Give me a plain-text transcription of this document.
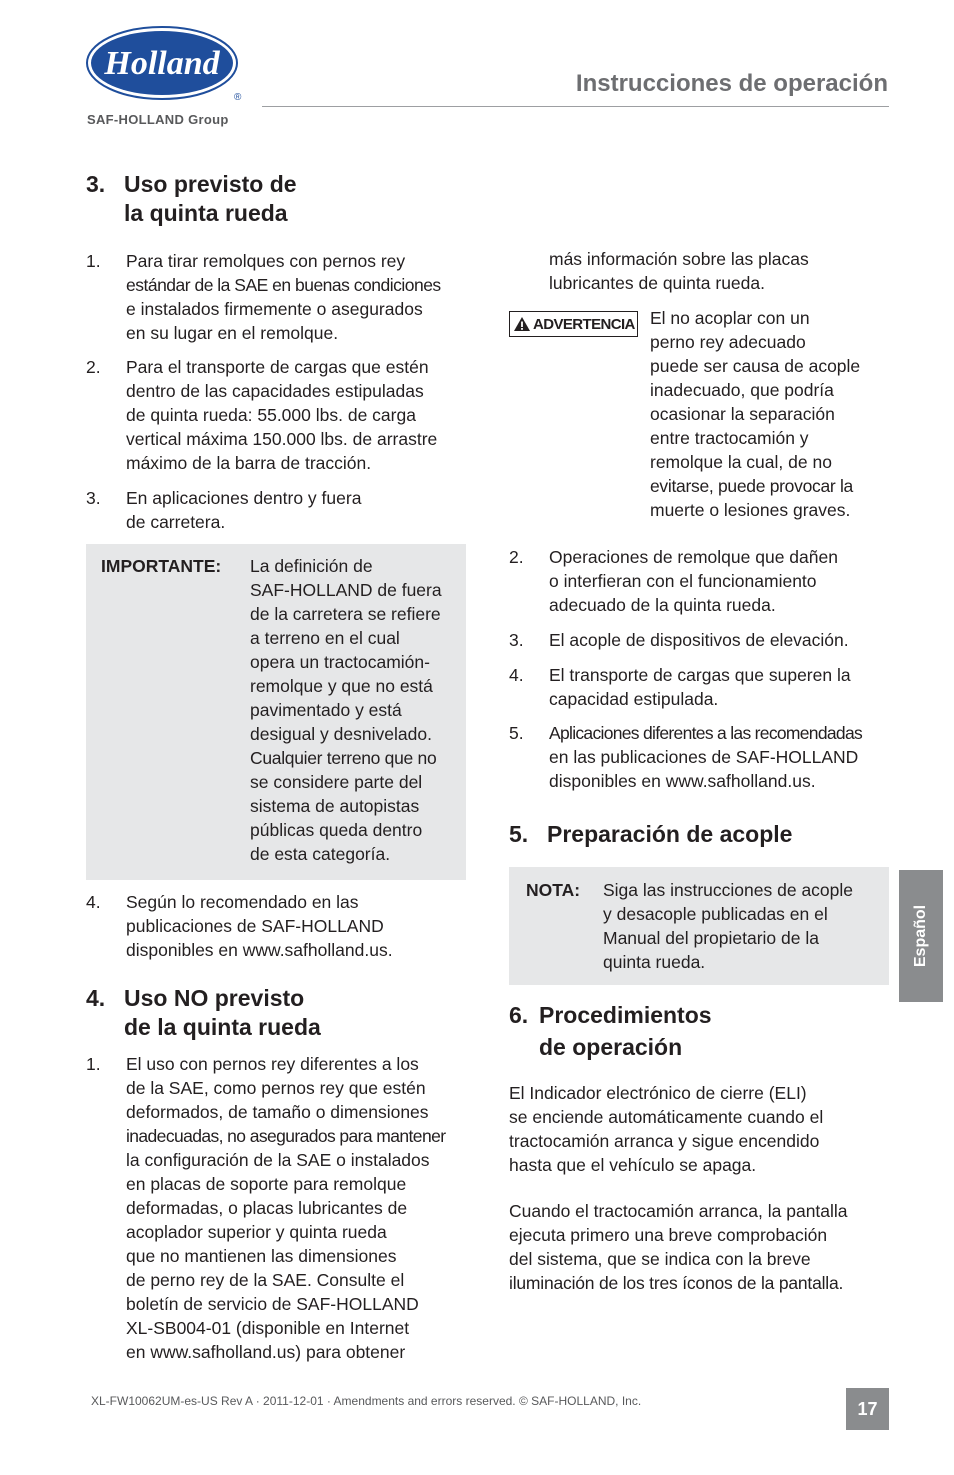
Holland
®
SAF-HOLLAND Group
Instrucciones de operación
3. Uso previsto de
la quinta rueda
1.	Para tirar remolques con pernos rey
estándar de la SAE en buenas condiciones
e instalados firmemente o asegurados
en su lugar en el remolque.
2.	Para el transporte de cargas que estén
dentro de las capacidades estipuladas
de quinta rueda: 55.000 lbs. de carga
vertical máxima 150.000 lbs. de arrastre
máximo de la barra de tracción.
3.	En aplicaciones dentro y fuera
de carretera.
IMPORTANTE: La definición de
SAF-HOLLAND de fuera
de la carretera se refiere
a terreno en el cual
opera un tractocamión-
remolque y que no está
pavimentado y está
desigual y desnivelado.
Cualquier terreno que no
se considere parte del
sistema de autopistas
públicas queda dentro
de esta categoría.
4.	Según lo recomendado en las
publicaciones de SAF-HOLLAND
disponibles en www.safholland.us.
4. Uso NO previsto
de la quinta rueda
1.	El uso con pernos rey diferentes a los
de la SAE, como pernos rey que estén
deformados, de tamaño o dimensiones
inadecuadas, no asegurados para mantener
la configuración de la SAE o instalados
en placas de soporte para remolque
deformadas, o placas lubricantes de
acoplador superior y quinta rueda
que no mantienen las dimensiones
de perno rey de la SAE. Consulte el
boletín de servicio de SAF-HOLLAND
XL-SB004-01 (disponible en Internet
en www.safholland.us) para obtener
más información sobre las placas
lubricantes de quinta rueda.
ADVERTENCIA El no acoplar con un
perno rey adecuado
puede ser causa de acople
inadecuado, que podría
ocasionar la separación
entre tractocamión y
remolque la cual, de no
evitarse, puede provocar la
muerte o lesiones graves.
2.	Operaciones de remolque que dañen
o interfieran con el funcionamiento
adecuado de la quinta rueda.
3.	El acople de dispositivos de elevación.
4.	El transporte de cargas que superen la
capacidad estipulada.
5.	Aplicaciones diferentes a las recomendadas
en las publicaciones de SAF-HOLLAND
disponibles en www.safholland.us.
5. Preparación de acople
NOTA: Siga las instrucciones de acople
y desacople publicadas en el
Manual del propietario de la
quinta rueda.
6. Procedimientos
de operación
El Indicador electrónico de cierre (ELI)
se enciende automáticamente cuando el
tractocamión arranca y sigue encendido
hasta que el vehículo se apaga.
Cuando el tractocamión arranca, la pantalla
ejecuta primero una breve comprobación
del sistema, que se indica con la breve
iluminación de los tres íconos de la pantalla.
Español
XL-FW10062UM-es-US Rev A · 2011-12-01 · Amendments and errors reserved. © SAF-HOLLAND, Inc.	17
